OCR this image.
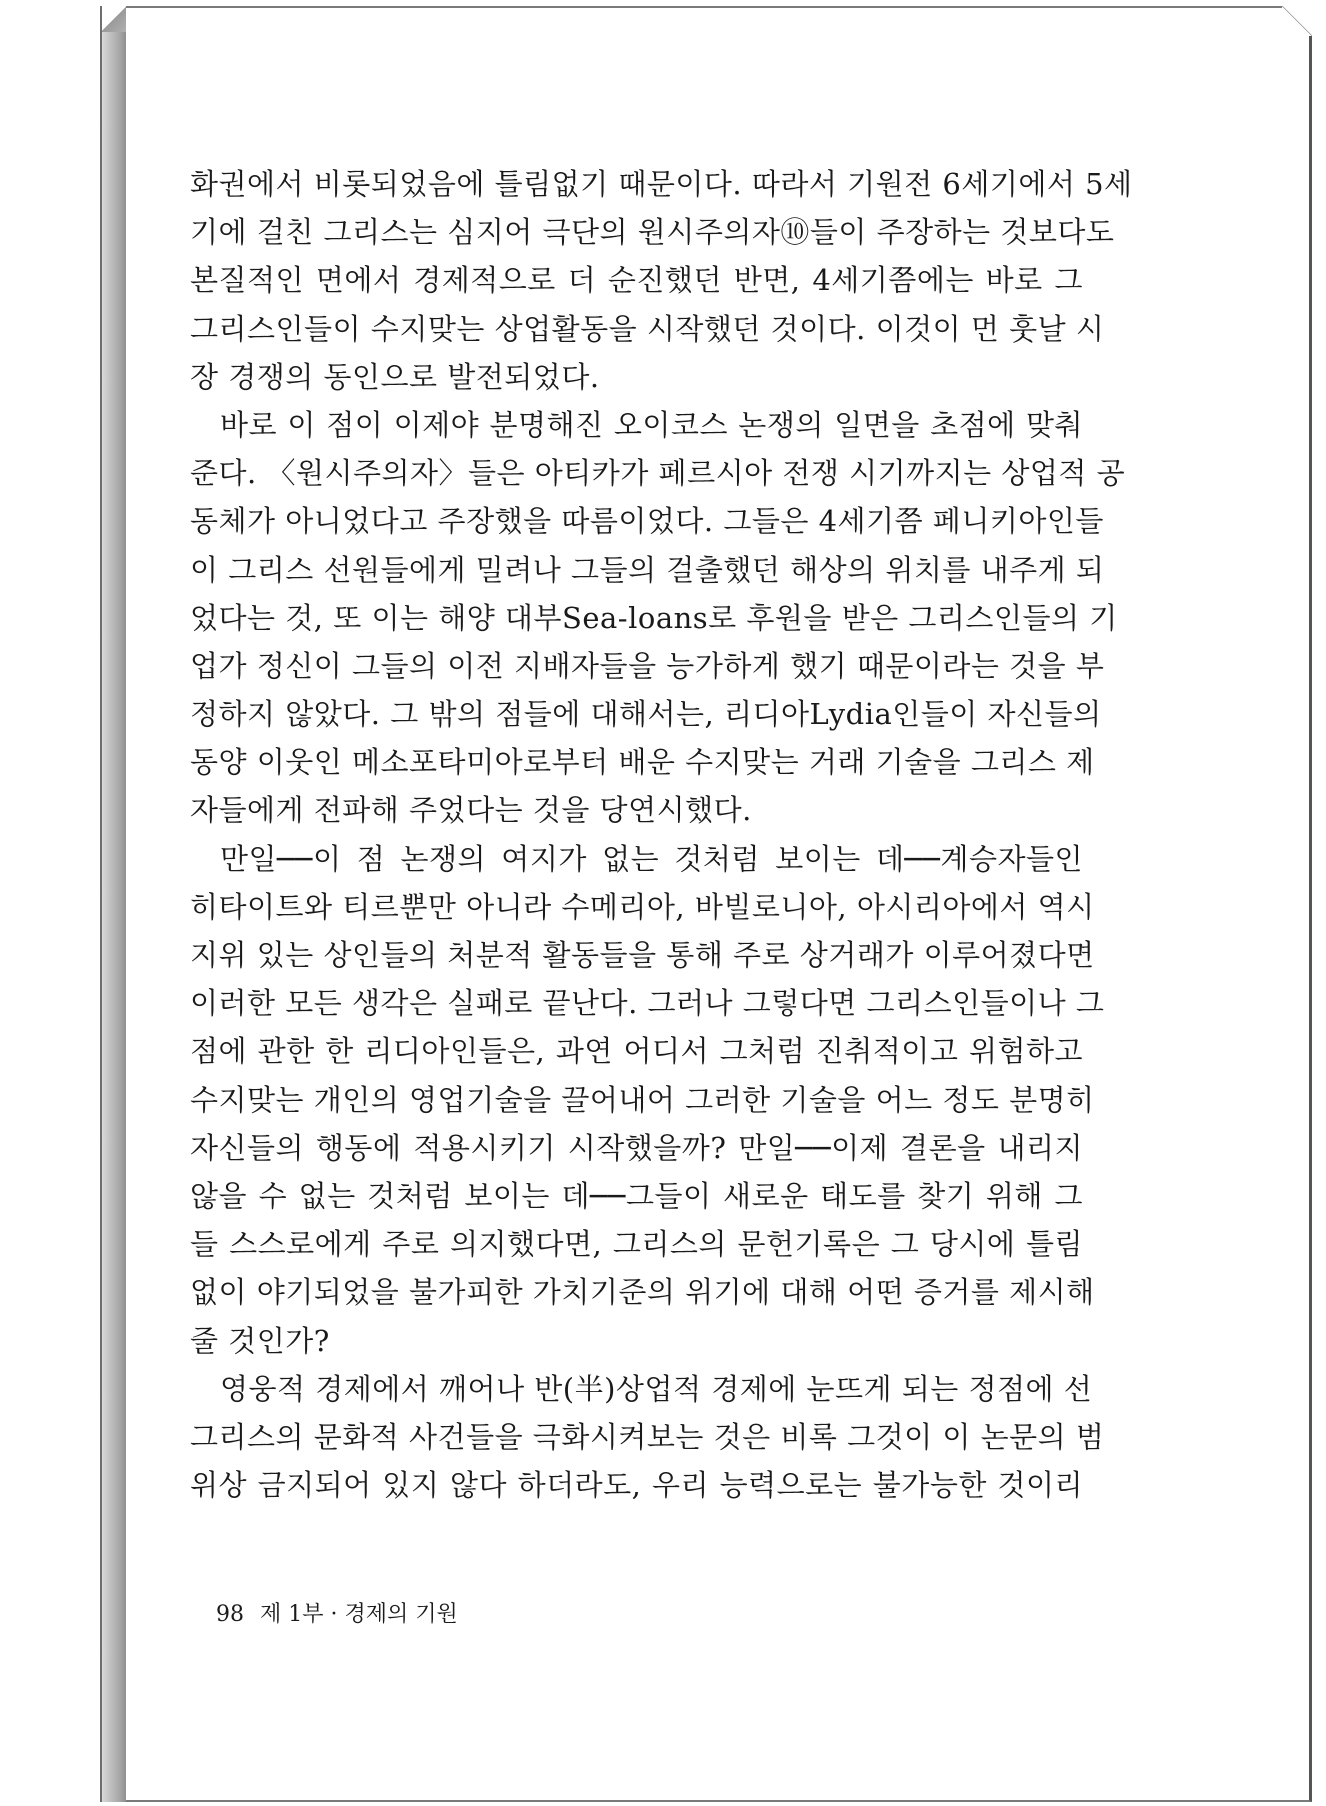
화권에서 비롯되었음에 틀림없기 때문이다. 따라서 기원전 6세기에서 5세
기에 걸친 그리스는 심지어 극단의 원시주의자⑩들이 주장하는 것보다도
본질적인 면에서 경제적으로 더 순진했던 반면, 4세기쯤에는 바로 그
그리스인들이 수지맞는 상업활동을 시작했던 것이다. 이것이 먼 훗날 시
장 경쟁의 동인으로 발전되었다.
바로 이 점이 이제야 분명해진 오이코스 논쟁의 일면을 초점에 맞춰
준다. 〈원시주의자〉들은 아티카가 페르시아 전쟁 시기까지는 상업적 공
동체가 아니었다고 주장했을 따름이었다. 그들은 4세기쯤 페니키아인들
이 그리스 선원들에게 밀려나 그들의 걸출했던 해상의 위치를 내주게 되
었다는 것, 또 이는 해양 대부Sea-loans로 후원을 받은 그리스인들의 기
업가 정신이 그들의 이전 지배자들을 능가하게 했기 때문이라는 것을 부
정하지 않았다. 그 밖의 점들에 대해서는, 리디아Lydia인들이 자신들의
동양 이웃인 메소포타미아로부터 배운 수지맞는 거래 기술을 그리스 제
자들에게 전파해 주었다는 것을 당연시했다.
만일──이 점 논쟁의 여지가 없는 것처럼 보이는 데──계승자들인
히타이트와 티르뿐만 아니라 수메리아, 바빌로니아, 아시리아에서 역시
지위 있는 상인들의 처분적 활동들을 통해 주로 상거래가 이루어졌다면
이러한 모든 생각은 실패로 끝난다. 그러나 그렇다면 그리스인들이나 그
점에 관한 한 리디아인들은, 과연 어디서 그처럼 진취적이고 위험하고
수지맞는 개인의 영업기술을 끌어내어 그러한 기술을 어느 정도 분명히
자신들의 행동에 적용시키기 시작했을까? 만일──이제 결론을 내리지
않을 수 없는 것처럼 보이는 데──그들이 새로운 태도를 찾기 위해 그
들 스스로에게 주로 의지했다면, 그리스의 문헌기록은 그 당시에 틀림
없이 야기되었을 불가피한 가치기준의 위기에 대해 어떤 증거를 제시해
줄 것인가?
영웅적 경제에서 깨어나 반(半)상업적 경제에 눈뜨게 되는 정점에 선
그리스의 문화적 사건들을 극화시켜보는 것은 비록 그것이 이 논문의 범
위상 금지되어 있지 않다 하더라도, 우리 능력으로는 불가능한 것이리
98 제 1부 · 경제의 기원
